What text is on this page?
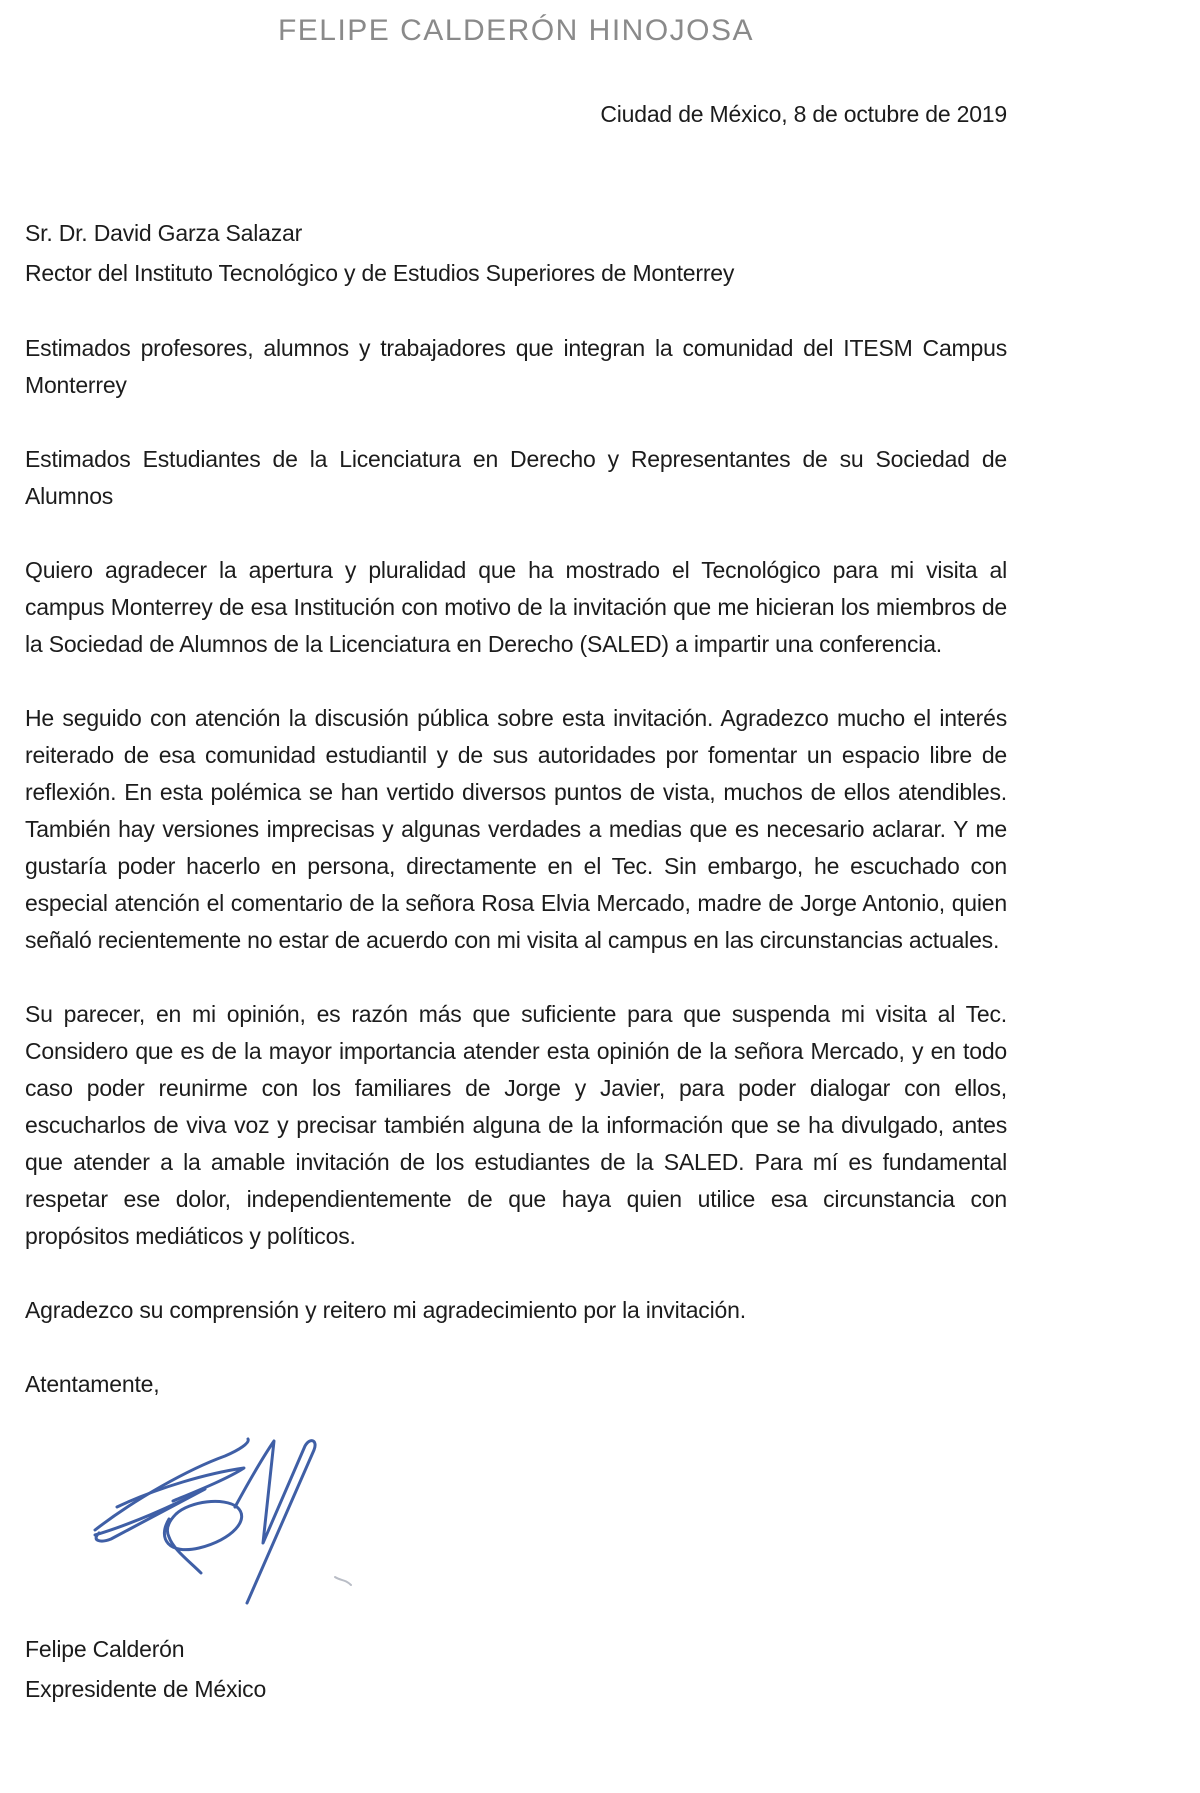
FELIPE CALDERÓN HINOJOSA
Ciudad de México, 8 de octubre de 2019
Sr. Dr. David Garza Salazar
Rector del Instituto Tecnológico y de Estudios Superiores de Monterrey

Estimados profesores, alumnos y trabajadores que integran la comunidad del ITESM Campus Monterrey

Estimados Estudiantes de la Licenciatura en Derecho y Representantes de su Sociedad de Alumnos

Quiero agradecer la apertura y pluralidad que ha mostrado el Tecnológico para mi visita al campus Monterrey de esa Institución con motivo de la invitación que me hicieran los miembros de la Sociedad de Alumnos de la Licenciatura en Derecho (SALED) a impartir una conferencia.

He seguido con atención la discusión pública sobre esta invitación. Agradezco mucho el interés reiterado de esa comunidad estudiantil y de sus autoridades por fomentar un espacio libre de reflexión. En esta polémica se han vertido diversos puntos de vista, muchos de ellos atendibles. También hay versiones imprecisas y algunas verdades a medias que es necesario aclarar. Y me gustaría poder hacerlo en persona, directamente en el Tec. Sin embargo, he escuchado con especial atención el comentario de la señora Rosa Elvia Mercado, madre de Jorge Antonio, quien señaló recientemente no estar de acuerdo con mi visita al campus en las circunstancias actuales.

Su parecer, en mi opinión, es razón más que suficiente para que suspenda mi visita al Tec. Considero que es de la mayor importancia atender esta opinión de la señora Mercado, y en todo caso poder reunirme con los familiares de Jorge y Javier, para poder dialogar con ellos, escucharlos de viva voz y precisar también alguna de la información que se ha divulgado, antes que atender a la amable invitación de los estudiantes de la SALED. Para mí es fundamental respetar ese dolor, independientemente de que haya quien utilice esa circunstancia con propósitos mediáticos y políticos.

Agradezco su comprensión y reitero mi agradecimiento por la invitación.

Atentamente,
Felipe Calderón
Expresidente de México
